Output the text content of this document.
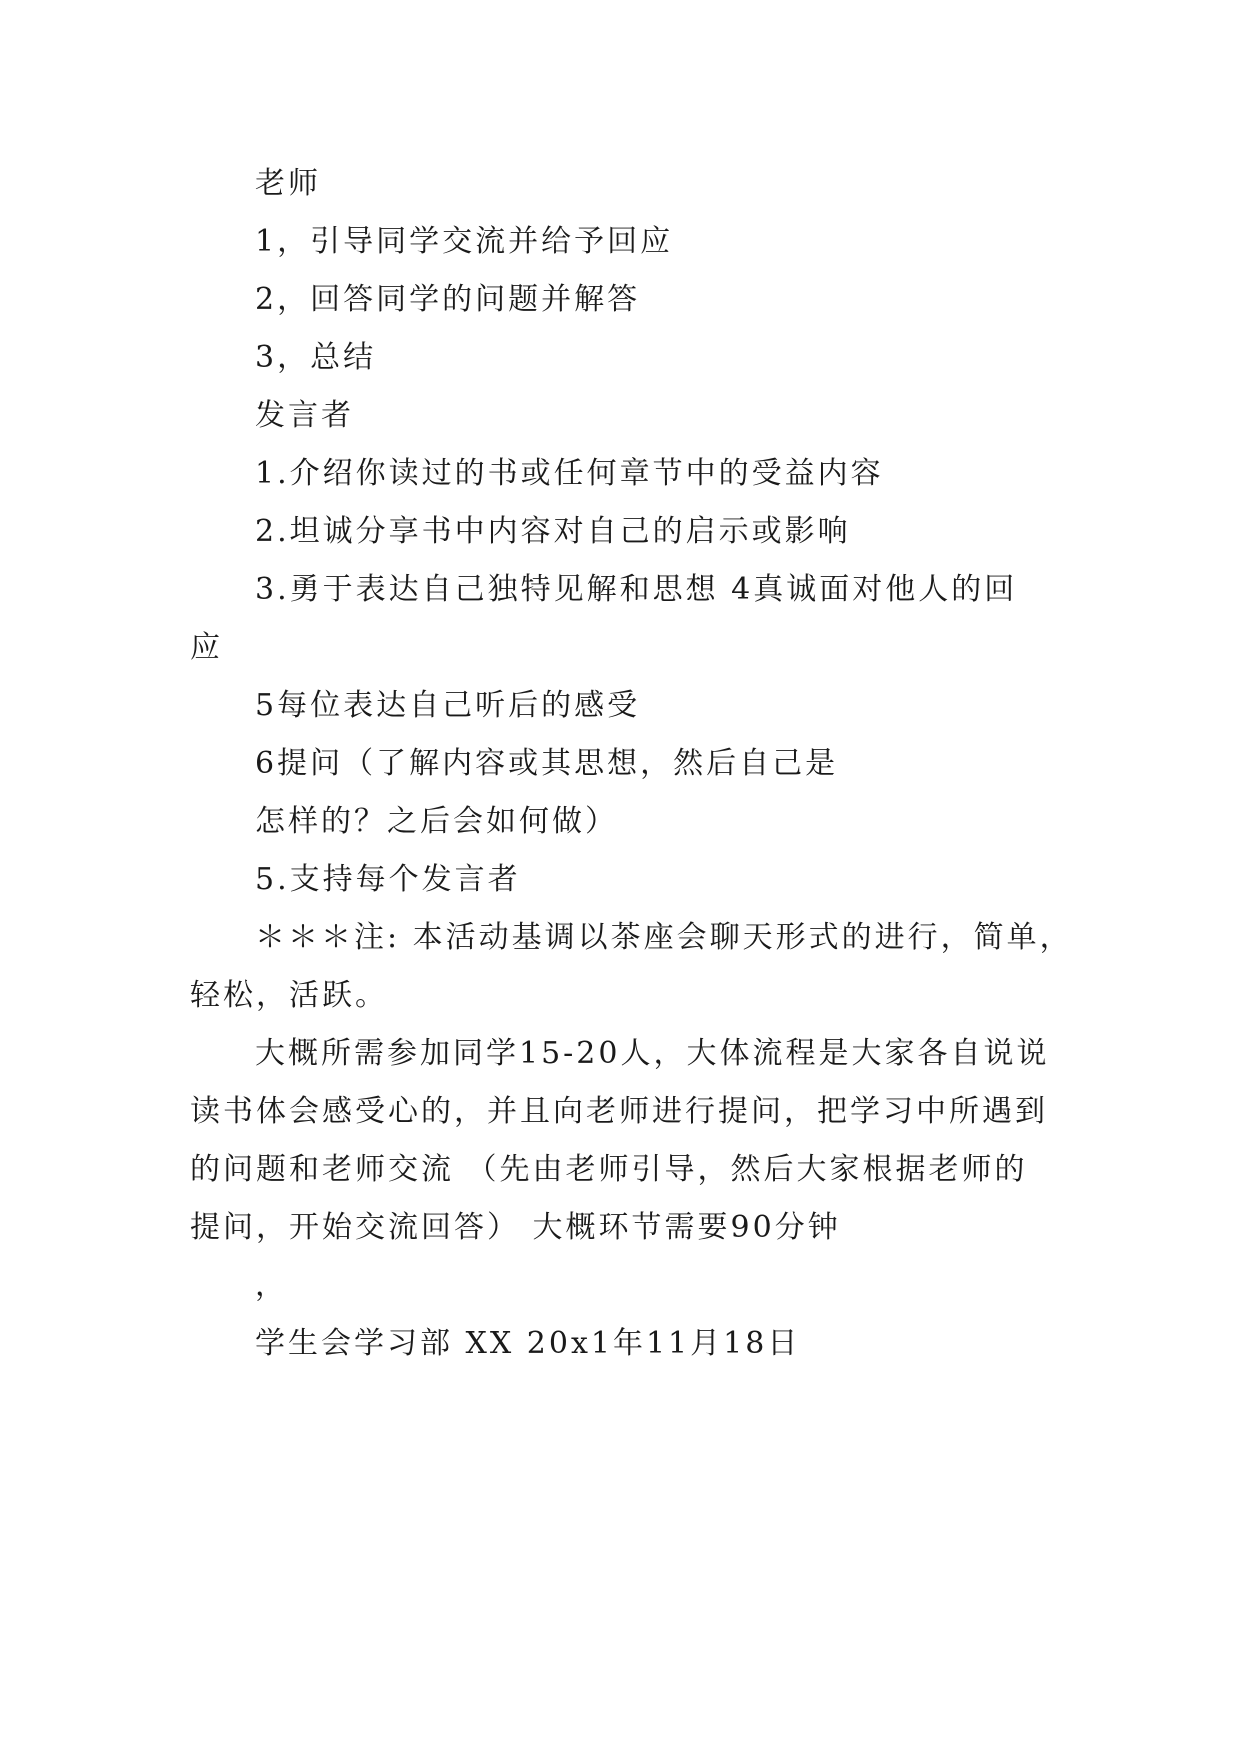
老师
1，引导同学交流并给予回应
2，回答同学的问题并解答
3，总结
发言者
1.介绍你读过的书或任何章节中的受益内容
2.坦诚分享书中内容对自己的启示或影响
3.勇于表达自己独特见解和思想 4真诚面对他人的回
应
5每位表达自己听后的感受
6提问（了解内容或其思想，然后自己是
怎样的？之后会如何做）
5.支持每个发言者
＊＊＊注: 本活动基调以茶座会聊天形式的进行，简单，
轻松，活跃。
大概所需参加同学15-20人，大体流程是大家各自说说
读书体会感受心的，并且向老师进行提问，把学习中所遇到
的问题和老师交流 （先由老师引导，然后大家根据老师的
提问，开始交流回答） 大概环节需要90分钟
，
学生会学习部 XX 20x1年11月18日
